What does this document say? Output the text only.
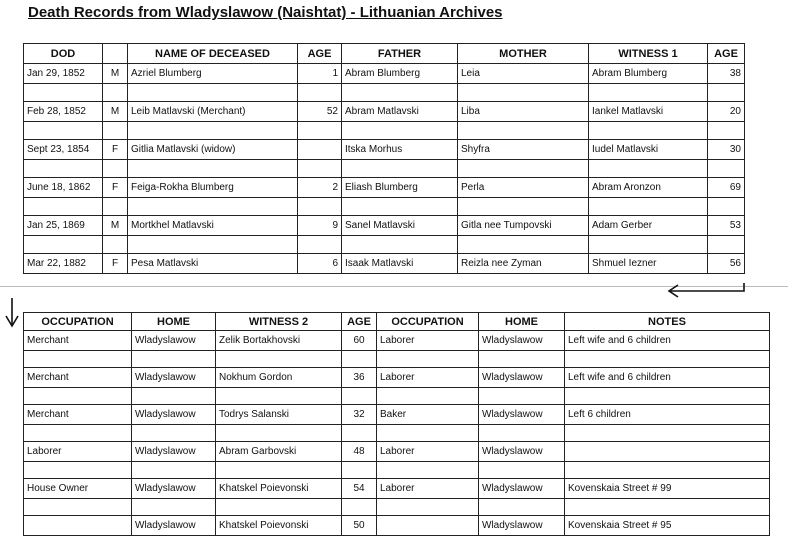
Death Records from Wladyslawow (Naishtat) - Lithuanian Archives
DOD		NAME OF DECEASED	AGE	FATHER	MOTHER	WITNESS 1	AGE
Jan 29, 1852	M	Azriel Blumberg	1	Abram Blumberg	Leia	Abram Blumberg	38

Feb 28, 1852	M	Leib Matlavski (Merchant)	52	Abram Matlavski	Liba	Iankel Matlavski	20

Sept 23, 1854	F	Gitlia Matlavski (widow)		Itska Morhus	Shyfra	Iudel Matlavski	30

June 18, 1862	F	Feiga-Rokha Blumberg	2	Eliash Blumberg	Perla	Abram Aronzon	69

Jan 25, 1869	M	Mortkhel Matlavski	9	Sanel Matlavski	Gitla nee Tumpovski	Adam Gerber	53

Mar 22, 1882	F	Pesa Matlavski	6	Isaak Matlavski	Reizla nee Zyman	Shmuel Iezner	56
OCCUPATION	HOME	WITNESS 2	AGE	OCCUPATION	HOME	NOTES
Merchant	Wladyslawow	Zelik Bortakhovski	60	Laborer	Wladyslawow	Left wife and 6 children

Merchant	Wladyslawow	Nokhum Gordon	36	Laborer	Wladyslawow	Left wife and 6 children

Merchant	Wladyslawow	Todrys Salanski	32	Baker	Wladyslawow	Left 6 children

Laborer	Wladyslawow	Abram Garbovski	48	Laborer	Wladyslawow	

House Owner	Wladyslawow	Khatskel Poievonski	54	Laborer	Wladyslawow	Kovenskaia Street # 99

	Wladyslawow	Khatskel Poievonski	50		Wladyslawow	Kovenskaia Street # 95
